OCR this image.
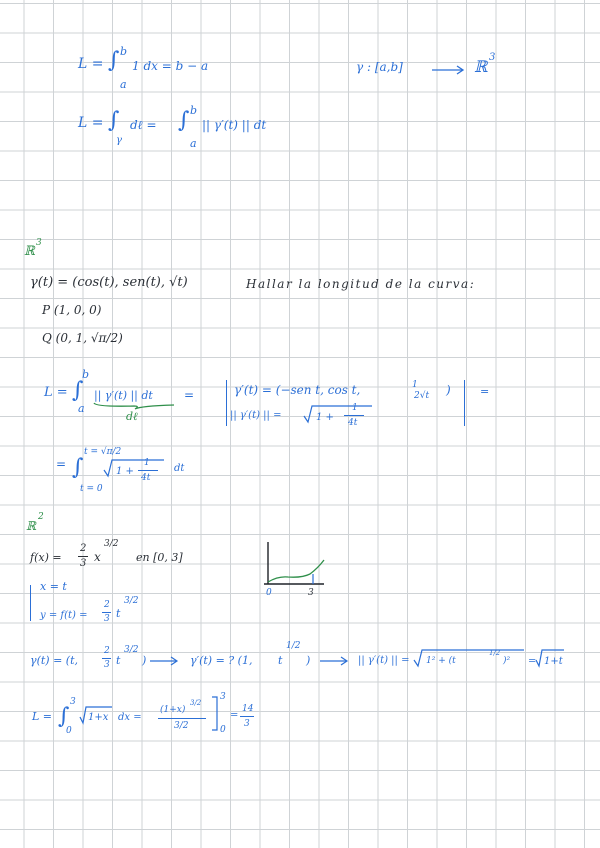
L = ∫ b
a
1 dx = b − a	γ : [a,b]	ℝ 3
L = ∫
γ
dℓ = ∫ b
a
|| γ′(t) || dt
ℝ
3
γ(t) = (cos(t), sen(t), √t)	Hallar la longitud de la curva:
P (1, 0, 0)
Q (0, 1, √π/2)
L = ∫
b
a
|| γ′(t) || dt
dℓ
=	γ′(t) = (−sen t, cos t,	1
2√t )
|| γ′(t) || =	1 +
1
4t
=
= ∫
t = √π/2
t = 0
1 +
1
4t
dt
ℝ
2
f(x) =
2
3 x
3/2
en [0, 3]
x = t
y = f(t) =
2
3 t
3/2
0	3
γ(t) = (t,
2
3 t
3/2
)	γ′(t) = ? (1, t
1/2
)	|| γ′(t) || = 1² + (t
1/2
)² = 1+t
L = ∫
3
0
1+x dx =
(1+x)
3/2
3/2
3
0
=
14
3
